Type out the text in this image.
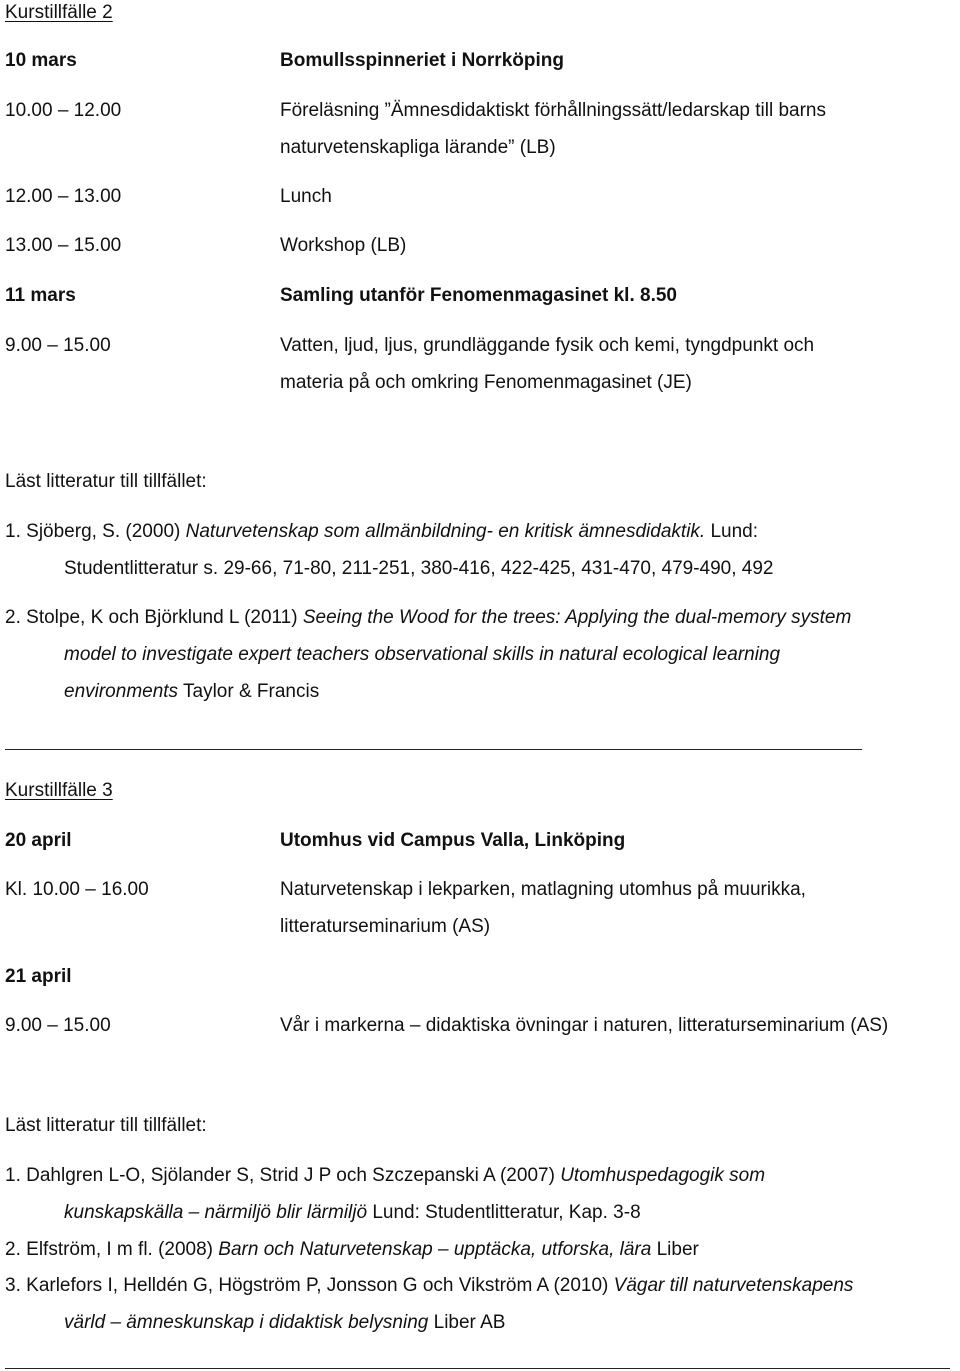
Kurstillfälle 2
10 mars	Bomullsspinneriet i Norrköping
10.00 – 12.00	Föreläsning ”Ämnesdidaktiskt förhållningssätt/ledarskap till barns
naturvetenskapliga lärande” (LB)
12.00 – 13.00	Lunch
13.00 – 15.00	Workshop (LB)
11 mars	Samling utanför Fenomenmagasinet kl. 8.50
9.00 – 15.00	Vatten, ljud, ljus, grundläggande fysik och kemi, tyngdpunkt och
materia på och omkring Fenomenmagasinet (JE)
Läst litteratur till tillfället:
1. Sjöberg, S. (2000) Naturvetenskap som allmänbildning- en kritisk ämnesdidaktik. Lund:
Studentlitteratur s. 29-66, 71-80, 211-251, 380-416, 422-425, 431-470, 479-490, 492
2. Stolpe, K och Björklund L (2011) Seeing the Wood for the trees: Applying the dual-memory system
model to investigate expert teachers observational skills in natural ecological learning
environments Taylor & Francis
Kurstillfälle 3
20 april	Utomhus vid Campus Valla, Linköping
Kl. 10.00 – 16.00	Naturvetenskap i lekparken, matlagning utomhus på muurikka,
litteraturseminarium (AS)
21 april
9.00 – 15.00	Vår i markerna – didaktiska övningar i naturen, litteraturseminarium (AS)
Läst litteratur till tillfället:
1. Dahlgren L-O, Sjölander S, Strid J P och Szczepanski A (2007) Utomhuspedagogik som
kunskapskälla – närmiljö blir lärmiljö Lund: Studentlitteratur, Kap. 3-8
2. Elfström, I m fl. (2008) Barn och Naturvetenskap – upptäcka, utforska, lära Liber
3. Karlefors I, Helldén G, Högström P, Jonsson G och Vikström A (2010) Vägar till naturvetenskapens
värld – ämneskunskap i didaktisk belysning Liber AB
